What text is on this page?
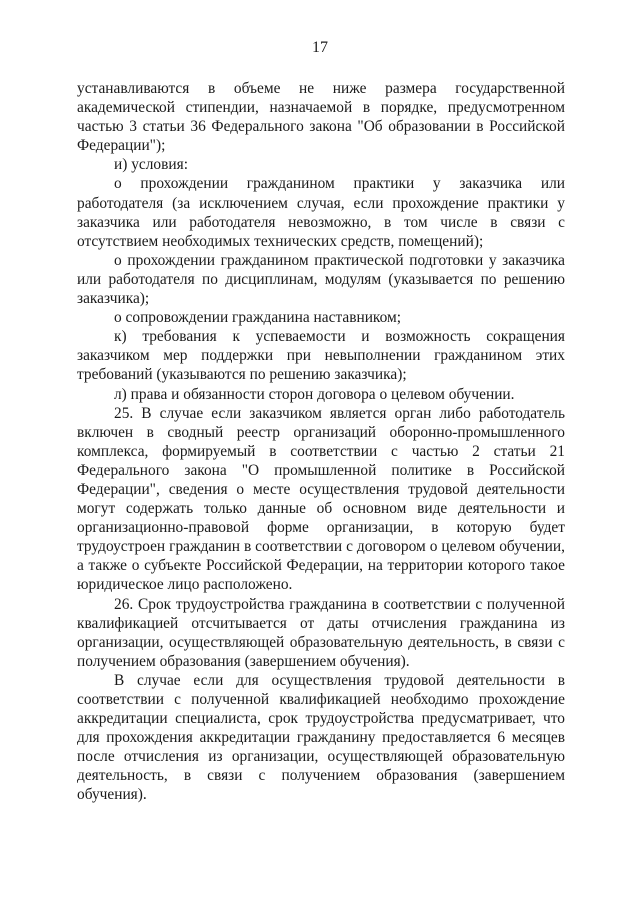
17

устанавливаются в объеме не ниже размера государственной академической стипендии, назначаемой в порядке, предусмотренном частью 3 статьи 36 Федерального закона "Об образовании в Российской Федерации");

и) условия:

о прохождении гражданином практики у заказчика или работодателя (за исключением случая, если прохождение практики у заказчика или работодателя невозможно, в том числе в связи с отсутствием необходимых технических средств, помещений);

о прохождении гражданином практической подготовки у заказчика или работодателя по дисциплинам, модулям (указывается по решению заказчика);

о сопровождении гражданина наставником;

к) требования к успеваемости и возможность сокращения заказчиком мер поддержки при невыполнении гражданином этих требований (указываются по решению заказчика);

л) права и обязанности сторон договора о целевом обучении.

25. В случае если заказчиком является орган либо работодатель включен в сводный реестр организаций оборонно-промышленного комплекса, формируемый в соответствии с частью 2 статьи 21 Федерального закона "О промышленной политике в Российской Федерации", сведения о месте осуществления трудовой деятельности могут содержать только данные об основном виде деятельности и организационно-правовой форме организации, в которую будет трудоустроен гражданин в соответствии с договором о целевом обучении, а также о субъекте Российской Федерации, на территории которого такое юридическое лицо расположено.

26. Срок трудоустройства гражданина в соответствии с полученной квалификацией отсчитывается от даты отчисления гражданина из организации, осуществляющей образовательную деятельность, в связи с получением образования (завершением обучения).

В случае если для осуществления трудовой деятельности в соответствии с полученной квалификацией необходимо прохождение аккредитации специалиста, срок трудоустройства предусматривает, что для прохождения аккредитации гражданину предоставляется 6 месяцев после отчисления из организации, осуществляющей образовательную деятельность, в связи с получением образования (завершением обучения).
